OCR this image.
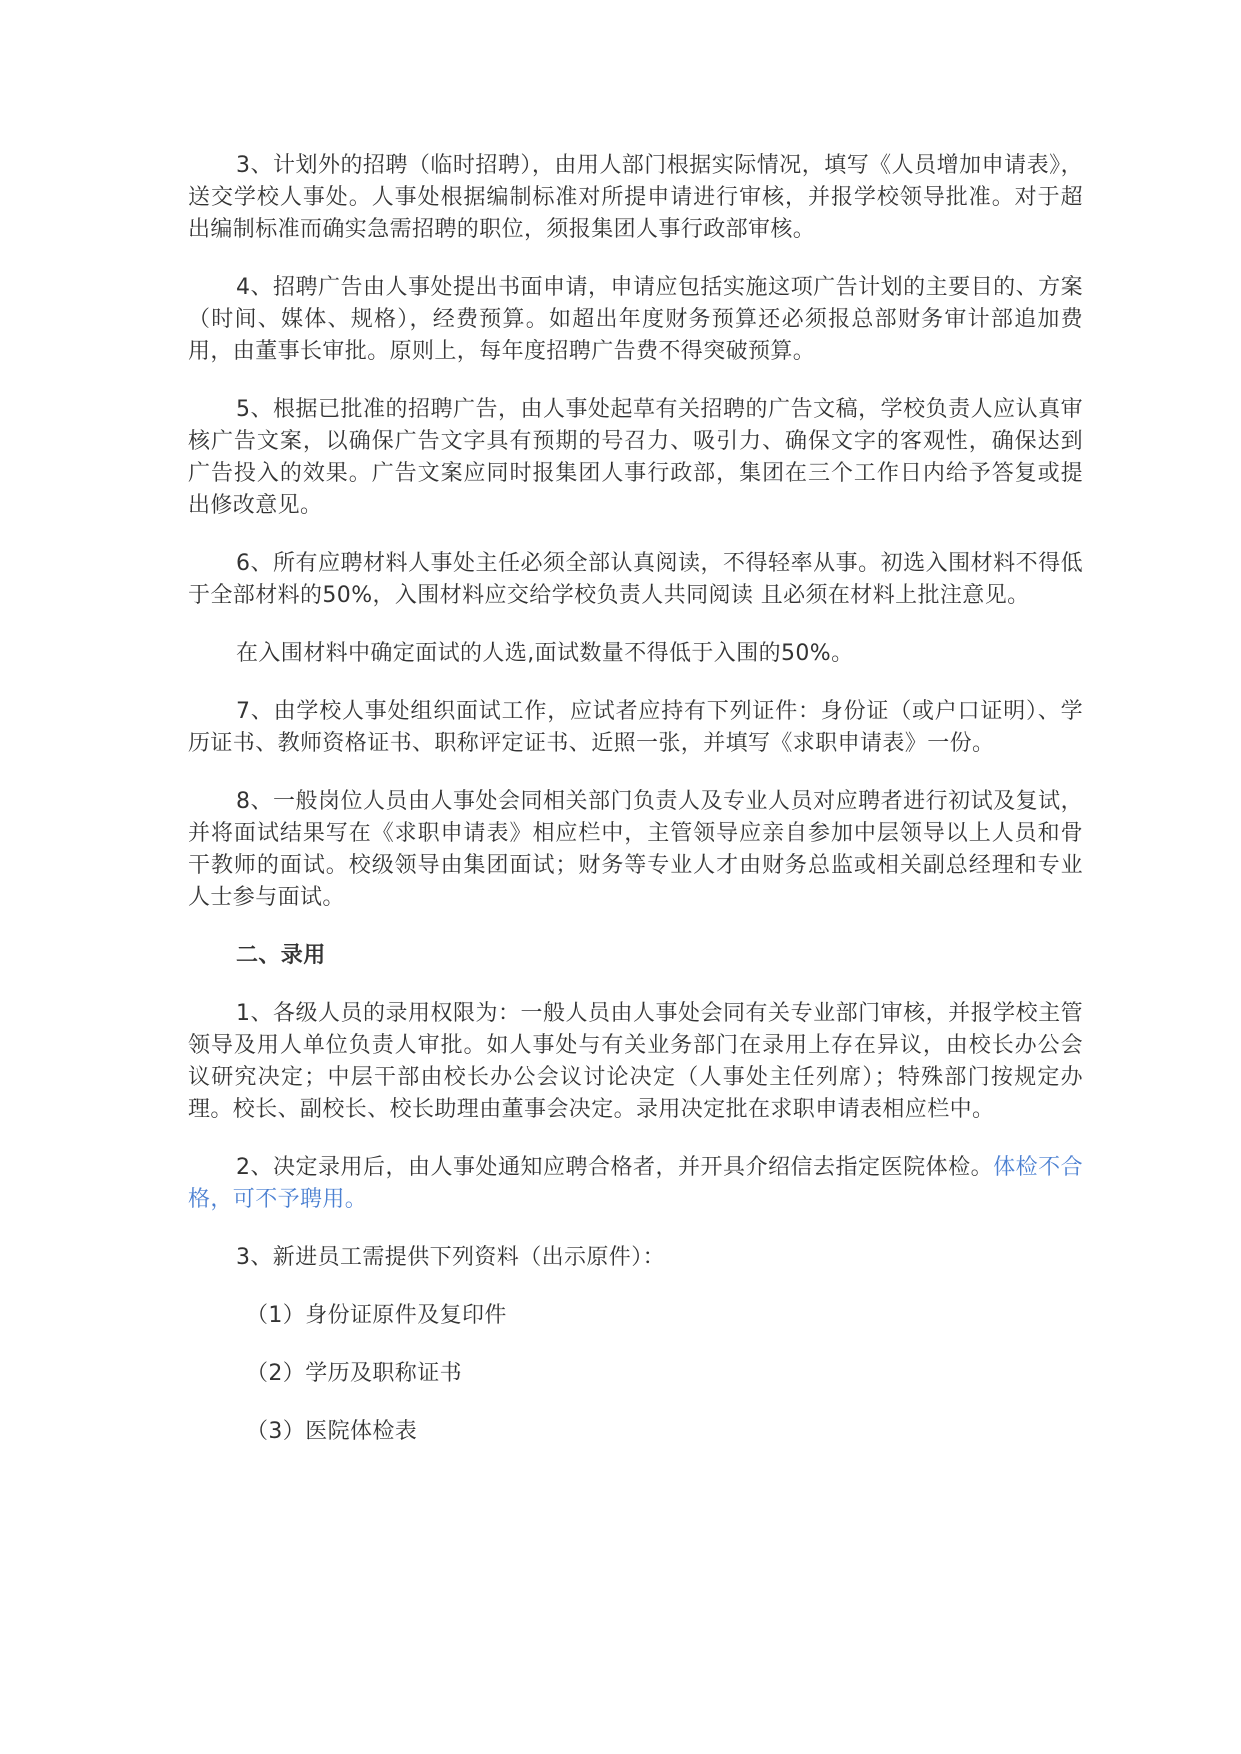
3、计划外的招聘（临时招聘），由用人部门根据实际情况，填写《人员增加申请表》，送交学校人事处。人事处根据编制标准对所提申请进行审核，并报学校领导批准。对于超出编制标准而确实急需招聘的职位，须报集团人事行政部审核。

4、招聘广告由人事处提出书面申请，申请应包括实施这项广告计划的主要目的、方案（时间、媒体、规格），经费预算。如超出年度财务预算还必须报总部财务审计部追加费用，由董事长审批。原则上，每年度招聘广告费不得突破预算。

5、根据已批准的招聘广告，由人事处起草有关招聘的广告文稿，学校负责人应认真审核广告文案，以确保广告文字具有预期的号召力、吸引力、确保文字的客观性，确保达到广告投入的效果。广告文案应同时报集团人事行政部，集团在三个工作日内给予答复或提出修改意见。

6、所有应聘材料人事处主任必须全部认真阅读，不得轻率从事。初选入围材料不得低于全部材料的50%，入围材料应交给学校负责人共同阅读 且必须在材料上批注意见。

在入围材料中确定面试的人选,面试数量不得低于入围的50%。

7、由学校人事处组织面试工作，应试者应持有下列证件：身份证（或户口证明）、学历证书、教师资格证书、职称评定证书、近照一张，并填写《求职申请表》一份。

8、一般岗位人员由人事处会同相关部门负责人及专业人员对应聘者进行初试及复试，并将面试结果写在《求职申请表》相应栏中，主管领导应亲自参加中层领导以上人员和骨干教师的面试。校级领导由集团面试；财务等专业人才由财务总监或相关副总经理和专业人士参与面试。

二、录用

1、各级人员的录用权限为：一般人员由人事处会同有关专业部门审核，并报学校主管领导及用人单位负责人审批。如人事处与有关业务部门在录用上存在异议，由校长办公会议研究决定；中层干部由校长办公会议讨论决定（人事处主任列席）；特殊部门按规定办理。校长、副校长、校长助理由董事会决定。录用决定批在求职申请表相应栏中。

2、决定录用后，由人事处通知应聘合格者，并开具介绍信去指定医院体检。体检不合格，可不予聘用。

3、新进员工需提供下列资料（出示原件）：

（1）身份证原件及复印件

（2）学历及职称证书

（3）医院体检表
